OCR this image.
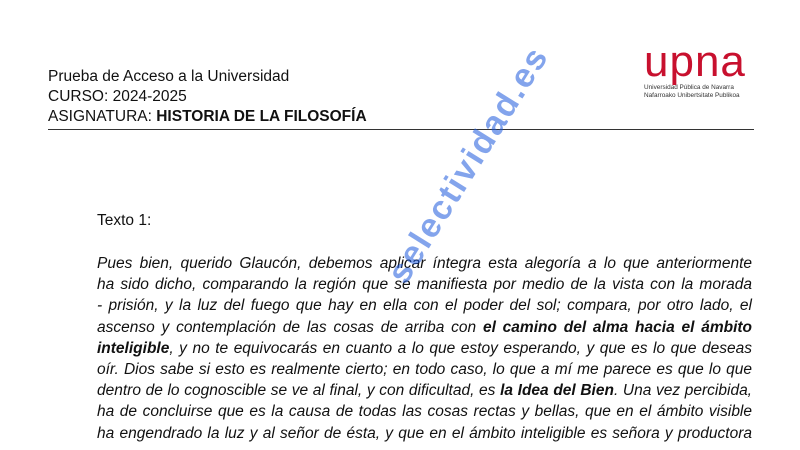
Prueba de Acceso a la Universidad
CURSO: 2024-2025
ASIGNATURA: HISTORIA DE LA FILOSOFÍA
upna
Universidad Pública de Navarra
Nafarroako Unibertsitate Publikoa
Texto 1:
Pues bien, querido Glaucón, debemos aplicar íntegra esta alegoría a lo que anteriormente
ha sido dicho, comparando la región que se manifiesta por medio de la vista con la morada
- prisión, y la luz del fuego que hay en ella con el poder del sol; compara, por otro lado, el
ascenso y contemplación de las cosas de arriba con el camino del alma hacia el ámbito
inteligible, y no te equivocarás en cuanto a lo que estoy esperando, y que es lo que deseas
oír. Dios sabe si esto es realmente cierto; en todo caso, lo que a mí me parece es que lo que
dentro de lo cognoscible se ve al final, y con dificultad, es la Idea del Bien. Una vez percibida,
ha de concluirse que es la causa de todas las cosas rectas y bellas, que en el ámbito visible
ha engendrado la luz y al señor de ésta, y que en el ámbito inteligible es señora y productora
selectividad.es
